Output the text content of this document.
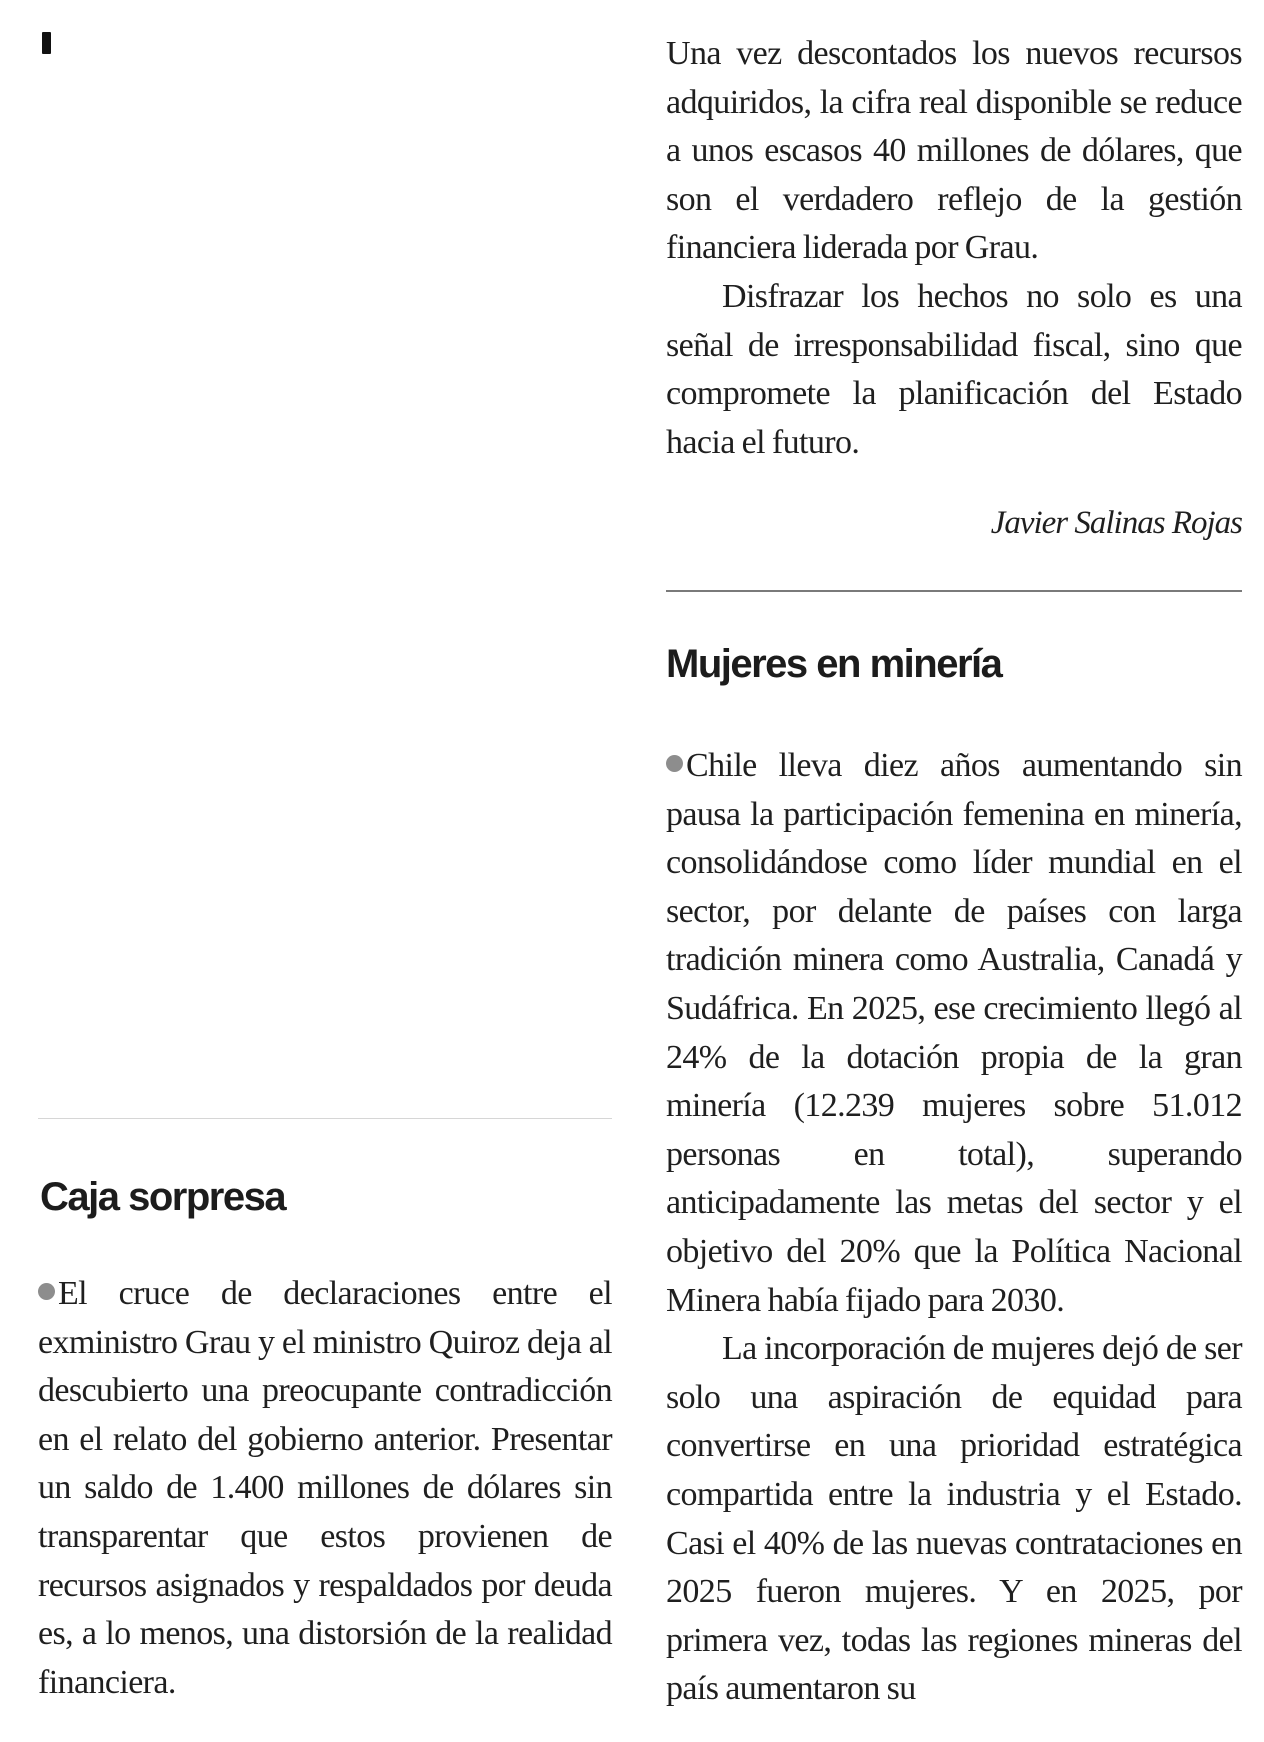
Caja sorpresa

El cruce de declaraciones entre el exministro Grau y el ministro Quiroz deja al descubierto una preocupante contradicción en el relato del gobierno anterior. Presentar un saldo de 1.400 millones de dólares sin transparentar que estos provienen de recursos asignados y respaldados por deuda es, a lo menos, una distorsión de la realidad financiera.

Una vez descontados los nuevos recursos adquiridos, la cifra real disponible se reduce a unos escasos 40 millones de dólares, que son el verdadero reflejo de la gestión financiera liderada por Grau.

Disfrazar los hechos no solo es una señal de irresponsabilidad fiscal, sino que compromete la planificación del Estado hacia el futuro.

Javier Salinas Rojas
Mujeres en minería

Chile lleva diez años aumentando sin pausa la participación femenina en minería, consolidándose como líder mundial en el sector, por delante de países con larga tradición minera como Australia, Canadá y Sudáfrica. En 2025, ese crecimiento llegó al 24% de la dotación propia de la gran minería (12.239 mujeres sobre 51.012 personas en total), superando anticipadamente las metas del sector y el objetivo del 20% que la Política Nacional Minera había fijado para 2030.

La incorporación de mujeres dejó de ser solo una aspiración de equidad para convertirse en una prioridad estratégica compartida entre la industria y el Estado. Casi el 40% de las nuevas contrataciones en 2025 fueron mujeres. Y en 2025, por primera vez, todas las regiones mineras del país aumentaron su
